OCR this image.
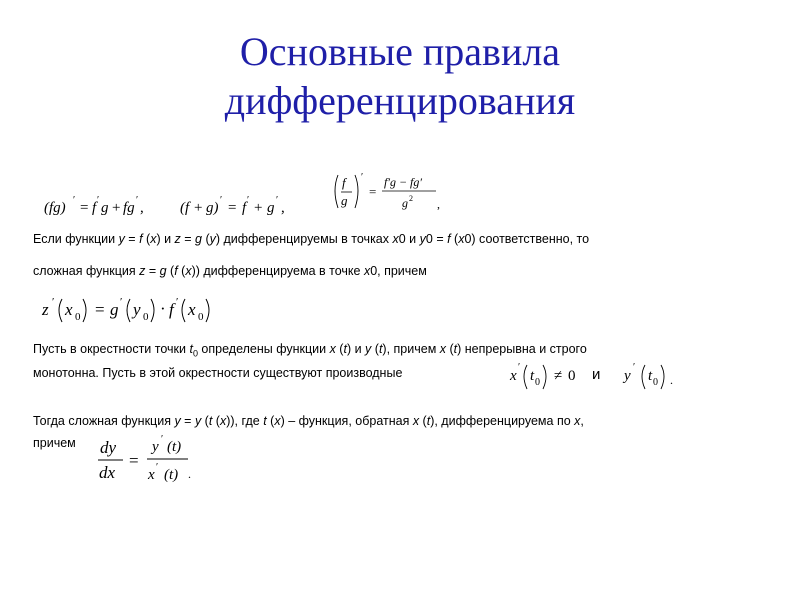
Основные правила
дифференцирования
(fg) ′ = f ′ g + fg ′ , (f + g) ′ = f ′ + g ′ ,
f
g
′
=
f′g − fg′
g 2 ,
Если функции y = f (x) и z = g (y) дифференцируемы в точках x0 и y0 = f (x0) соответственно, то
сложная функция z = g (f (x)) дифференцируема в точке x0, причем
z ′ x 0 = g ′ y 0 · f ′ x 0
Пусть в окрестности точки $t_0$ определены функции x (t) и y (t), причем x (t) непрерывна и строго
монотонна. Пусть в этой окрестности существуют производные	и
x
′
t 0 ≠ 0	y
′
t 0 .
Тогда сложная функция y = y (t (x)), где t (x) – функция, обратная x (t), дифференцируема по x,
причем dy
dx
=
y ′ (t)
x ′ (t) .
